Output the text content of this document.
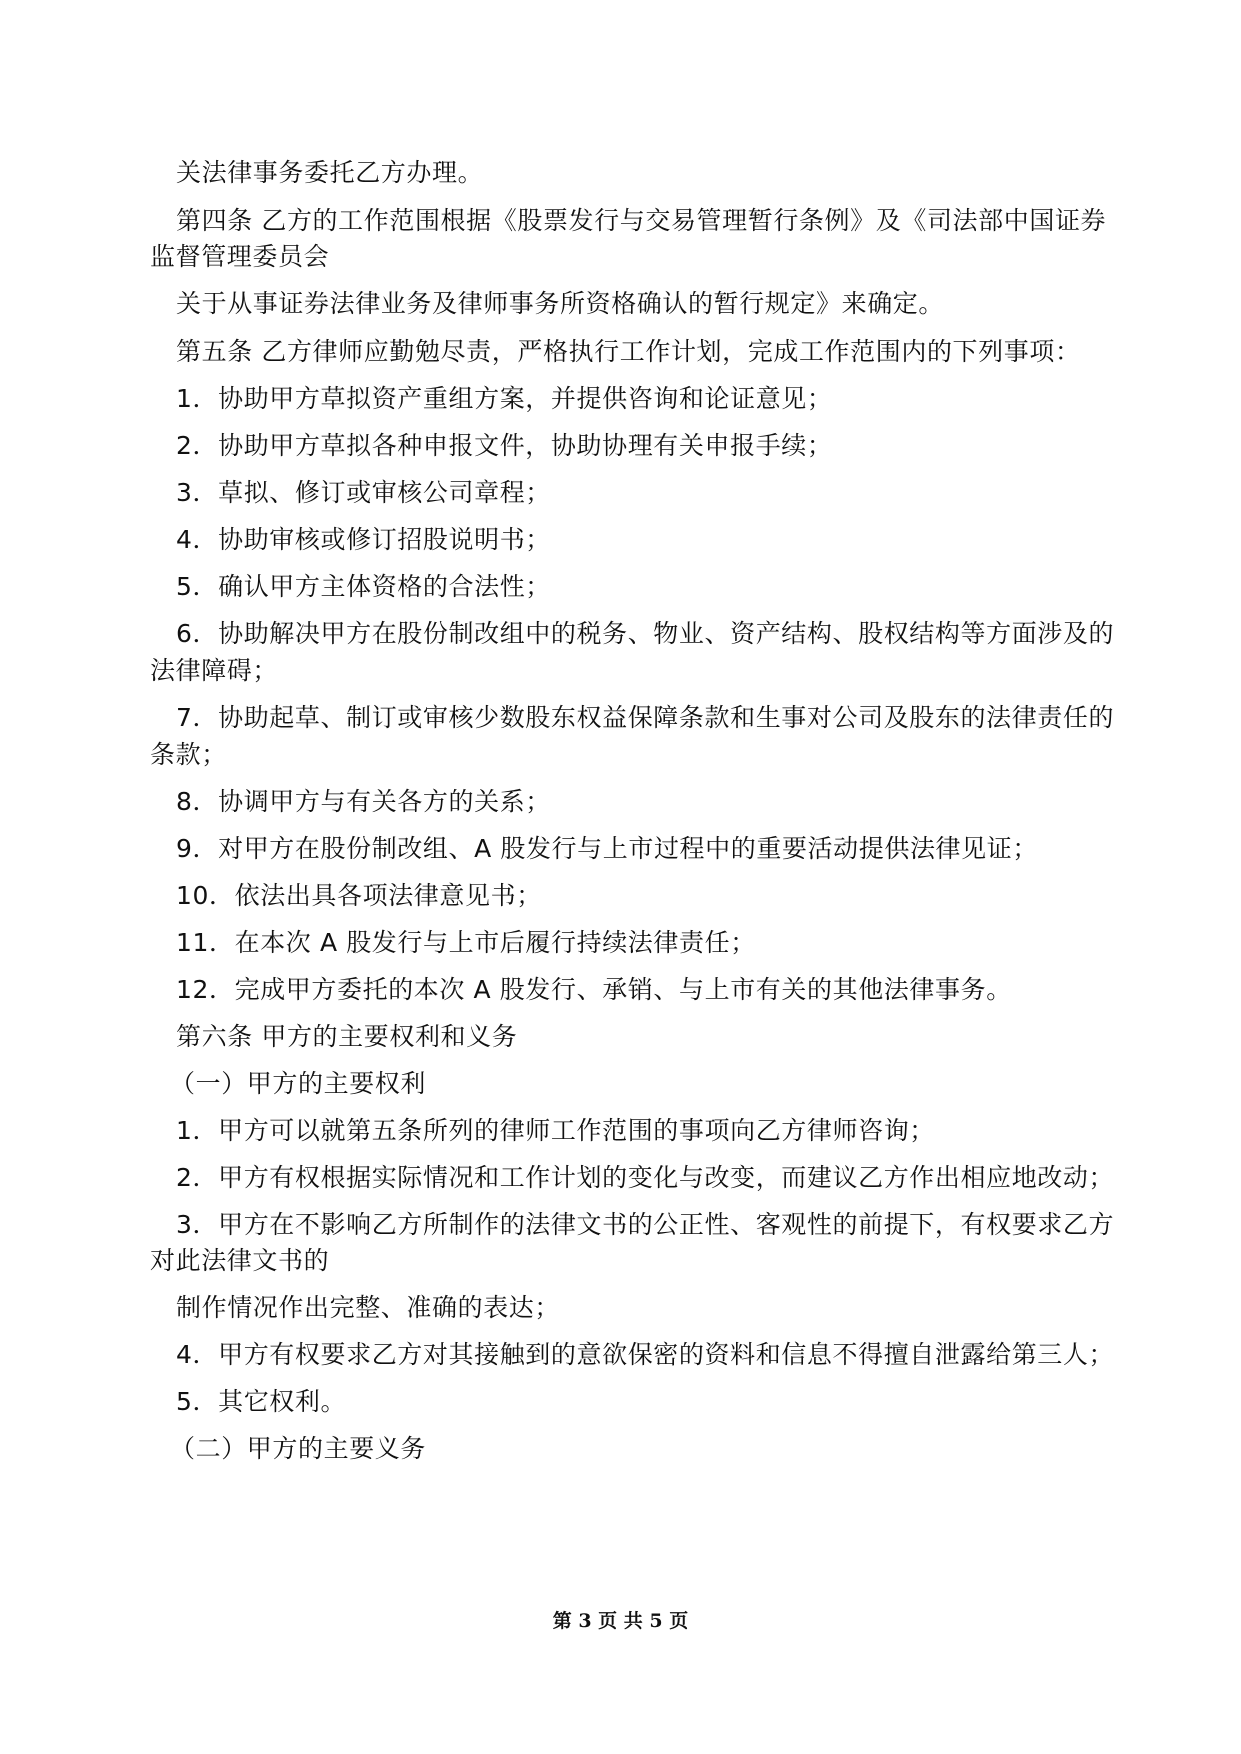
关法律事务委托乙方办理。
第四条 乙方的工作范围根据《股票发行与交易管理暂行条例》及《司法部中国证券
监督管理委员会
关于从事证券法律业务及律师事务所资格确认的暂行规定》来确定。
第五条 乙方律师应勤勉尽责，严格执行工作计划，完成工作范围内的下列事项：
1．协助甲方草拟资产重组方案，并提供咨询和论证意见；
2．协助甲方草拟各种申报文件，协助协理有关申报手续；
3．草拟、修订或审核公司章程；
4．协助审核或修订招股说明书；
5．确认甲方主体资格的合法性；
6．协助解决甲方在股份制改组中的税务、物业、资产结构、股权结构等方面涉及的
法律障碍；
7．协助起草、制订或审核少数股东权益保障条款和生事对公司及股东的法律责任的
条款；
8．协调甲方与有关各方的关系；
9．对甲方在股份制改组、A 股发行与上市过程中的重要活动提供法律见证；
10．依法出具各项法律意见书；
11．在本次 A 股发行与上市后履行持续法律责任；
12．完成甲方委托的本次 A 股发行、承销、与上市有关的其他法律事务。
第六条 甲方的主要权利和义务
（一）甲方的主要权利
1．甲方可以就第五条所列的律师工作范围的事项向乙方律师咨询；
2．甲方有权根据实际情况和工作计划的变化与改变，而建议乙方作出相应地改动；
3．甲方在不影响乙方所制作的法律文书的公正性、客观性的前提下，有权要求乙方
对此法律文书的
制作情况作出完整、准确的表达；
4．甲方有权要求乙方对其接触到的意欲保密的资料和信息不得擅自泄露给第三人；
5．其它权利。
（二）甲方的主要义务
第 3 页 共 5 页
